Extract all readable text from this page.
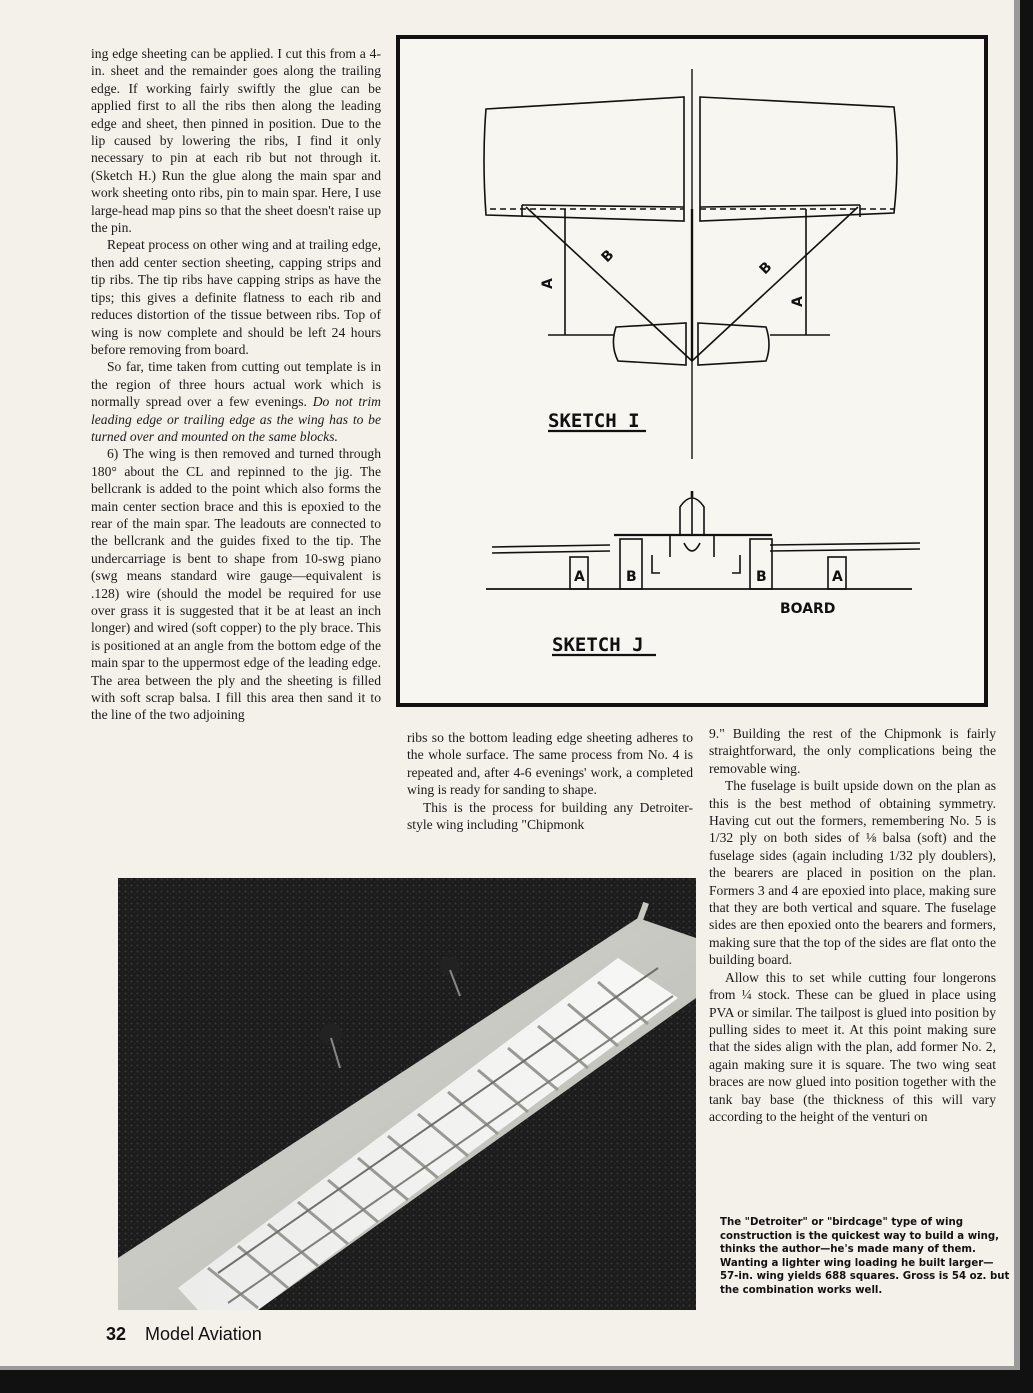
ing edge sheeting can be applied. I cut this from a 4-in. sheet and the remainder goes along the trailing edge. If working fairly swiftly the glue can be applied first to all the ribs then along the leading edge and sheet, then pinned in position. Due to the lip caused by lowering the ribs, I find it only necessary to pin at each rib but not through it. (Sketch H.) Run the glue along the main spar and work sheeting onto ribs, pin to main spar. Here, I use large-head map pins so that the sheet doesn't raise up the pin.

Repeat process on other wing and at trailing edge, then add center section sheeting, capping strips and tip ribs. The tip ribs have capping strips as have the tips; this gives a definite flatness to each rib and reduces distortion of the tissue between ribs. Top of wing is now complete and should be left 24 hours before removing from board.

So far, time taken from cutting out template is in the region of three hours actual work which is normally spread over a few evenings. Do not trim leading edge or trailing edge as the wing has to be turned over and mounted on the same blocks.

6) The wing is then removed and turned through 180° about the CL and repinned to the jig. The bellcrank is added to the point which also forms the main center section brace and this is epoxied to the rear of the main spar. The leadouts are connected to the bellcrank and the guides fixed to the tip. The undercarriage is bent to shape from 10-swg piano (swg means standard wire gauge—equivalent is .128) wire (should the model be required for use over grass it is suggested that it be at least an inch longer) and wired (soft copper) to the ply brace. This is positioned at an angle from the bottom edge of the main spar to the uppermost edge of the leading edge. The area between the ply and the sheeting is filled with soft scrap balsa. I fill this area then sand it to the line of the two adjoining

A
B
B
A
SKETCH I
A	B	B	A
BOARD
SKETCH J

ribs so the bottom leading edge sheeting adheres to the whole surface. The same process from No. 4 is repeated and, after 4-6 evenings' work, a completed wing is ready for sanding to shape.

This is the process for building any Detroiter-style wing including "Chipmonk

9." Building the rest of the Chipmonk is fairly straightforward, the only complications being the removable wing.

The fuselage is built upside down on the plan as this is the best method of obtaining symmetry. Having cut out the formers, remembering No. 5 is 1/32 ply on both sides of ⅛ balsa (soft) and the fuselage sides (again including 1/32 ply doublers), the bearers are placed in position on the plan. Formers 3 and 4 are epoxied into place, making sure that they are both vertical and square. The fuselage sides are then epoxied onto the bearers and formers, making sure that the top of the sides are flat onto the building board.

Allow this to set while cutting four longerons from ¼ stock. These can be glued in place using PVA or similar. The tailpost is glued into position by pulling sides to meet it. At this point making sure that the sides align with the plan, add former No. 2, again making sure it is square. The two wing seat braces are now glued into position together with the tank bay base (the thickness of this will vary according to the height of the venturi on

The "Detroiter" or "birdcage" type of wing construction is the quickest way to build a wing, thinks the author—he's made many of them. Wanting a lighter wing loading he built larger—57-in. wing yields 688 squares. Gross is 54 oz. but the combination works well.
32 Model Aviation
